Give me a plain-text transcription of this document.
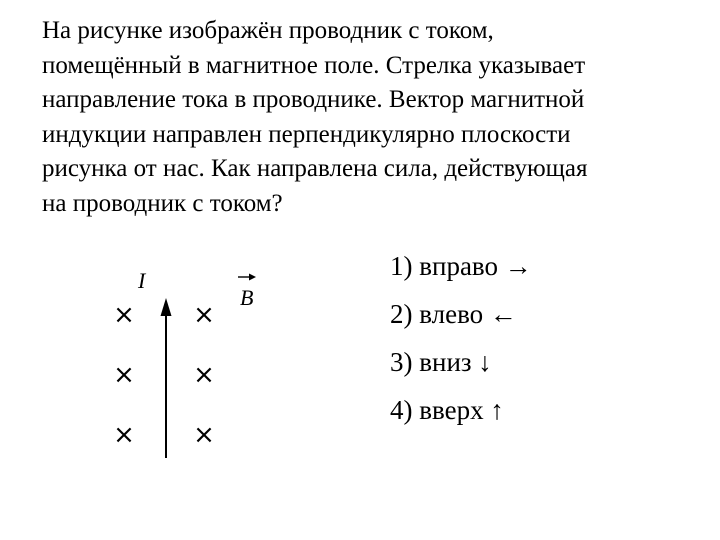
На рисунке изображён проводник с током,
помещённый в магнитное поле. Стрелка указывает
направление тока в проводнике. Вектор магнитной
индукции направлен перпендикулярно плоскости
рисунка от нас. Как направлена сила, действующая
на проводник с током?
I
B
× ×
× ×
× ×
1) вправо →
2) влево ←
3) вниз ↓
4) вверх ↑
